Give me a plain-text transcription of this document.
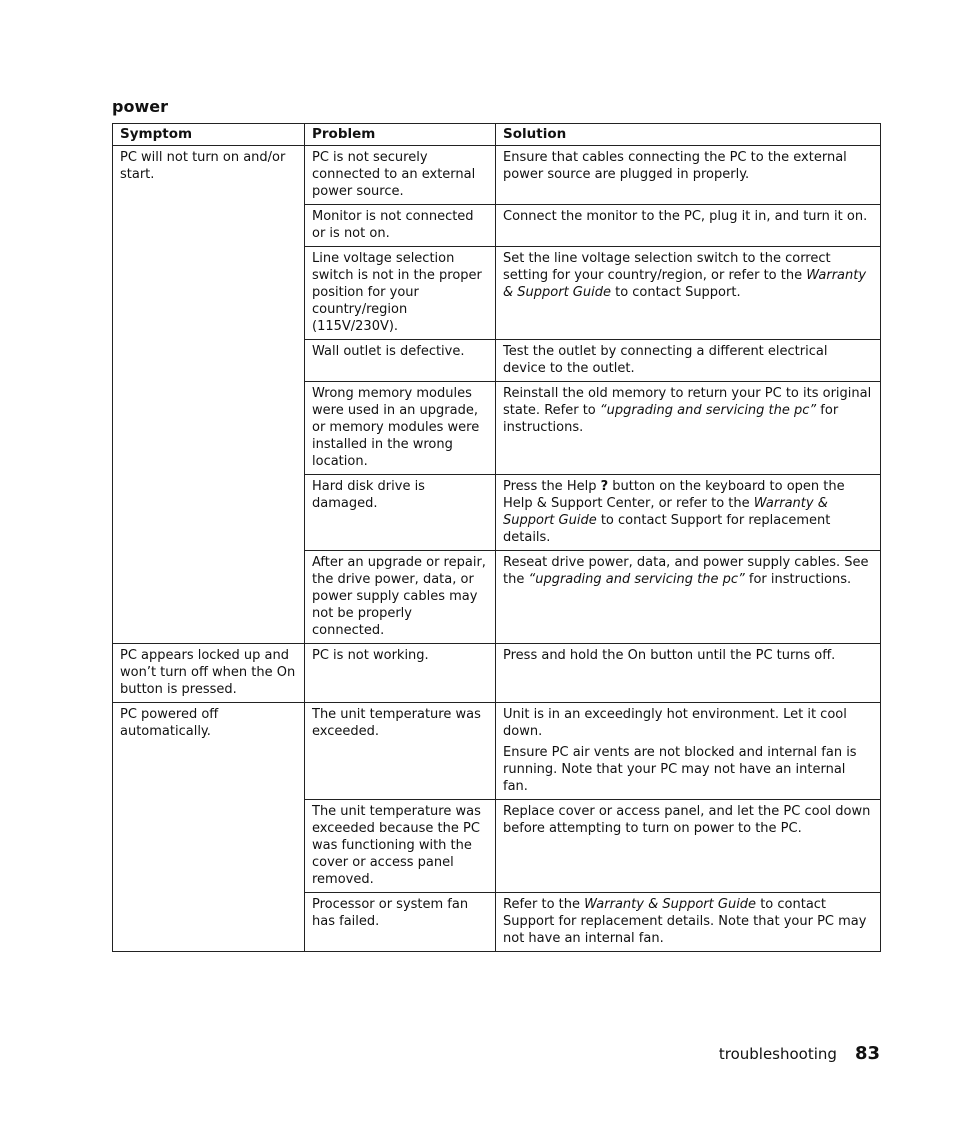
power
Symptom	Problem	Solution
PC will not turn on and/or start.	PC is not securely connected to an external power source.	Ensure that cables connecting the PC to the external power source are plugged in properly.

	Monitor is not connected or is not on.	Connect the monitor to the PC, plug it in, and turn it on.

	Line voltage selection switch is not in the proper position for your country/region (115V/230V).	Set the line voltage selection switch to the correct setting for your country/region, or refer to the Warranty & Support Guide to contact Support.

	Wall outlet is defective.	Test the outlet by connecting a different electrical device to the outlet.

	Wrong memory modules were used in an upgrade, or memory modules were installed in the wrong location.	Reinstall the old memory to return your PC to its original state. Refer to “upgrading and servicing the pc” for instructions.

	Hard disk drive is damaged.	Press the Help ? button on the keyboard to open the Help & Support Center, or refer to the Warranty & Support Guide to contact Support for replacement details.

	After an upgrade or repair, the drive power, data, or power supply cables may not be properly connected.	Reseat drive power, data, and power supply cables. See the “upgrading and servicing the pc” for instructions.

PC appears locked up and won’t turn off when the On button is pressed.	PC is not working.	Press and hold the On button until the PC turns off.

PC powered off automatically.	The unit temperature was exceeded.	Unit is in an exceedingly hot environment. Let it cool down.
Ensure PC air vents are not blocked and internal fan is running. Note that your PC may not have an internal fan.

	The unit temperature was exceeded because the PC was functioning with the cover or access panel removed.	Replace cover or access panel, and let the PC cool down before attempting to turn on power to the PC.

	Processor or system fan has failed.	Refer to the Warranty & Support Guide to contact Support for replacement details. Note that your PC may not have an internal fan.
troubleshooting 83
